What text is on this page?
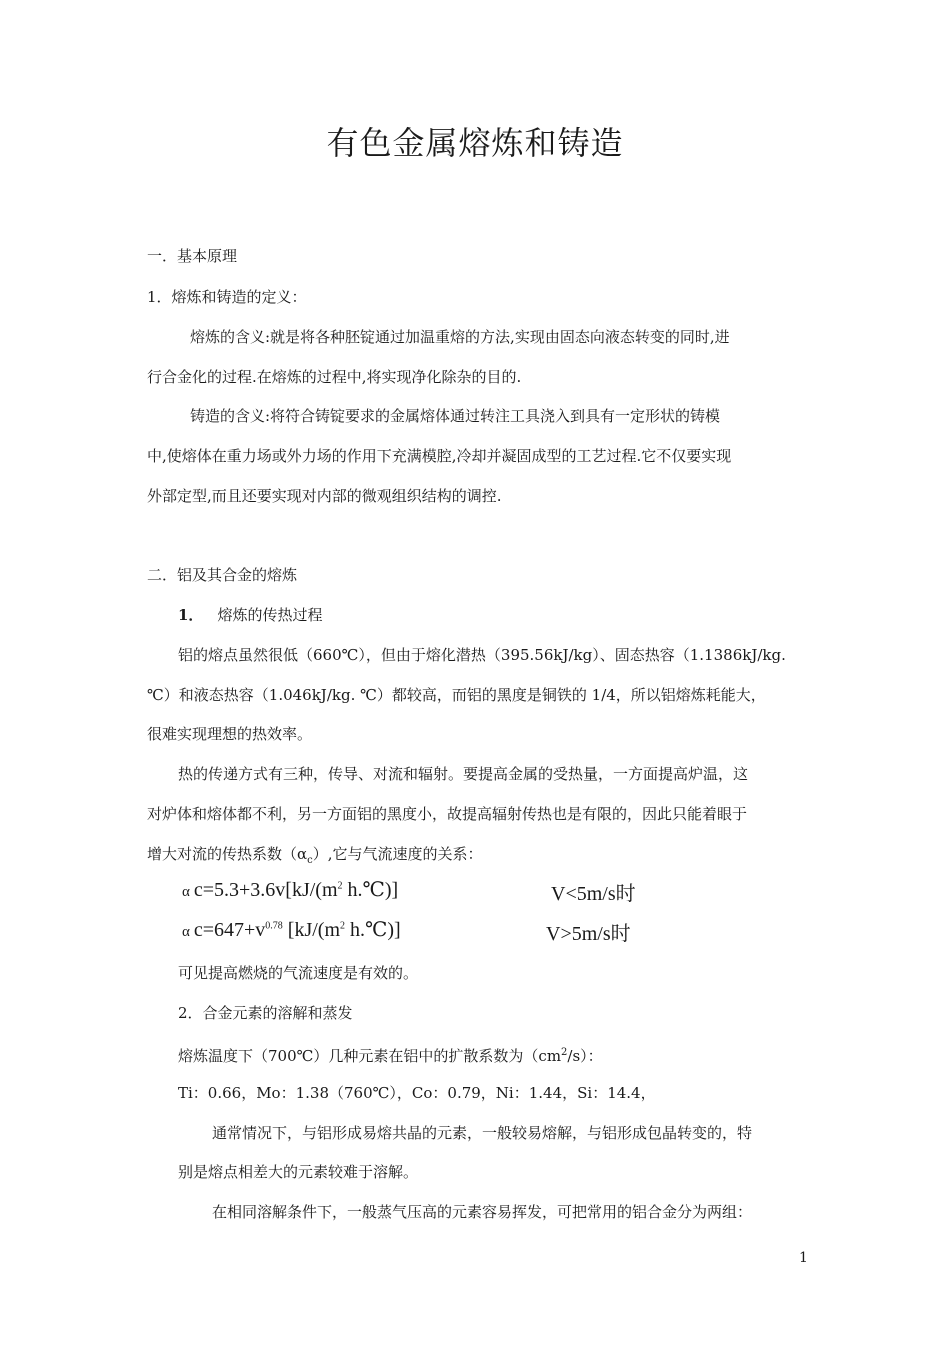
有色金属熔炼和铸造
一．基本原理
1．熔炼和铸造的定义：
熔炼的含义:就是将各种胚锭通过加温重熔的方法,实现由固态向液态转变的同时,进
行合金化的过程.在熔炼的过程中,将实现净化除杂的目的.
铸造的含义:将符合铸锭要求的金属熔体通过转注工具浇入到具有一定形状的铸模
中,使熔体在重力场或外力场的作用下充满模腔,冷却并凝固成型的工艺过程.它不仅要实现
外部定型,而且还要实现对内部的微观组织结构的调控.
二．铝及其合金的熔炼
1． 熔炼的传热过程
铝的熔点虽然很低（660℃），但由于熔化潜热（395.56kJ/kg）、固态热容（1.1386kJ/kg.
℃）和液态热容（1.046kJ/kg. ℃）都较高，而铝的黑度是铜铁的 1/4，所以铝熔炼耗能大，
很难实现理想的热效率。
热的传递方式有三种，传导、对流和辐射。要提高金属的受热量，一方面提高炉温，这
对炉体和熔体都不利，另一方面铝的黑度小，故提高辐射传热也是有限的，因此只能着眼于
增大对流的传热系数$(\alpha_c)$,它与气流速度的关系：
α $c=5.3+3.6v[kJ/(m^2$ h.℃)]	V<5m/s时
α $c=647+v^{0.78}$ [$kJ/(m^2$ h.℃)]	V>5m/s时
可见提高燃烧的气流速度是有效的。
2．合金元素的溶解和蒸发
熔炼温度下（700℃）几种元素在铝中的扩散系数为$(cm^2/s)$：
Ti：0.66，Mo：1.38（760℃），Co：0.79，Ni：1.44，Si：14.4，
通常情况下，与铝形成易熔共晶的元素，一般较易熔解，与铝形成包晶转变的，特
别是熔点相差大的元素较难于溶解。
在相同溶解条件下，一般蒸气压高的元素容易挥发，可把常用的铝合金分为两组：
1
